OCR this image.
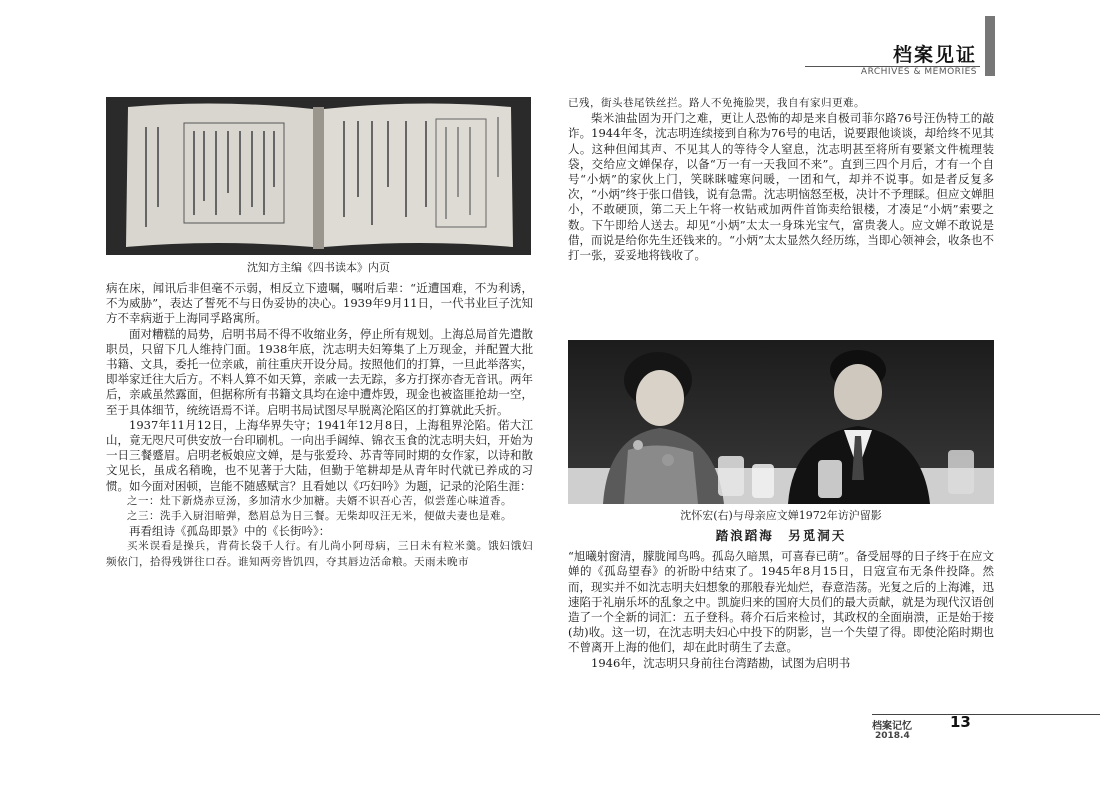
档案见证
ARCHIVES & MEMORIES
沈知方主编《四书读本》内页

病在床，闻讯后非但毫不示弱，相反立下遗嘱，嘱咐后辈：“近遭国难，不为利诱，不为威胁”，表达了誓死不与日伪妥协的决心。1939年9月11日，一代书业巨子沈知方不幸病逝于上海同孚路寓所。

面对糟糕的局势，启明书局不得不收缩业务，停止所有规划。上海总局首先遣散职员，只留下几人维持门面。1938年底，沈志明夫妇筹集了上万现金，并配置大批书籍、文具，委托一位亲戚，前往重庆开设分局。按照他们的打算，一旦此举落实，即举家迁往大后方。不料人算不如天算，亲戚一去无踪，多方打探亦杳无音讯。两年后，亲戚虽然露面，但据称所有书籍文具均在途中遭炸毁，现金也被盗匪抢劫一空，至于具体细节，统统语焉不详。启明书局试图尽早脱离沦陷区的打算就此夭折。

1937年11月12日，上海华界失守；1941年12月8日，上海租界沦陷。偌大江山，竟无咫尺可供安放一台印刷机。一向出手阔绰、锦衣玉食的沈志明夫妇，开始为一日三餐蹙眉。启明老板娘应文婵，是与张爱玲、苏青等同时期的女作家，以诗和散文见长，虽成名稍晚，也不见著于大陆，但勤于笔耕却是从青年时代就已养成的习惯。如今面对困顿，岂能不随感赋言？且看她以《巧妇吟》为题，记录的沦陷生涯：

之一：灶下新烧赤豆汤，多加清水少加糖。夫婿不识吾心苦，似尝莲心味道香。

之三：洗手入厨泪暗弹，愁眉总为日三餐。无柴却叹汪无米，便做夫妻也是难。

再看组诗《孤岛即景》中的《长街吟》：

买米误看是操兵，背荷长袋千人行。有儿尚小阿母病，三日未有粒米羹。饿妇饿妇频依门，拾得残饼往口吞。谁知两旁皆饥四，夺其唇边活命粮。天雨未晚市

已残，街头巷尾铁丝拦。路人不免掩脸哭，我自有家归更难。

柴米油盐固为开门之难，更让人恐怖的却是来自极司菲尔路76号汪伪特工的敲诈。1944年冬，沈志明连续接到自称为76号的电话，说要跟他谈谈，却给终不见其人。这种但闻其声、不见其人的等待令人窒息，沈志明甚至将所有要紧文件梳理装袋，交给应文婵保存，以备“万一有一天我回不来”。直到三四个月后，才有一个自号“小炳”的家伙上门，笑眯眯嘘寒问暖，一团和气，却并不说事。如是者反复多次，“小炳”终于张口借钱，说有急需。沈志明恼怒至极，决计不予理睬。但应文婵胆小，不敢硬顶，第二天上午将一枚钻戒加两件首饰卖给银楼，才凑足“小炳”索要之数。下午即给人送去。却见“小炳”太太一身珠光宝气，富贵袭人。应文婵不敢说是借，而说是给你先生还钱来的。“小炳”太太显然久经历练，当即心领神会，收条也不打一张，妥妥地将钱收了。

沈怀宏(右)与母亲应文婵1972年访沪留影
踏浪蹈海　另觅洞天

“旭曦射窗清，朦胧闻鸟鸣。孤岛久暗黑，可喜春已萌”。备受屈辱的日子终于在应文婵的《孤岛望春》的祈盼中结束了。1945年8月15日，日寇宣布无条件投降。然而，现实并不如沈志明夫妇想象的那般春光灿烂，春意浩荡。光复之后的上海滩，迅速陷于礼崩乐坏的乱象之中。凯旋归来的国府大员们的最大贡献，就是为现代汉语创造了一个全新的词汇：五子登科。蒋介石后来检讨，其政权的全面崩溃，正是始于接(劫)收。这一切，在沈志明夫妇心中投下的阴影，岂一个失望了得。即使沦陷时期也不曾离开上海的他们，却在此时萌生了去意。

1946年，沈志明只身前往台湾踏勘，试图为启明书

档案记忆	13
2018.4
